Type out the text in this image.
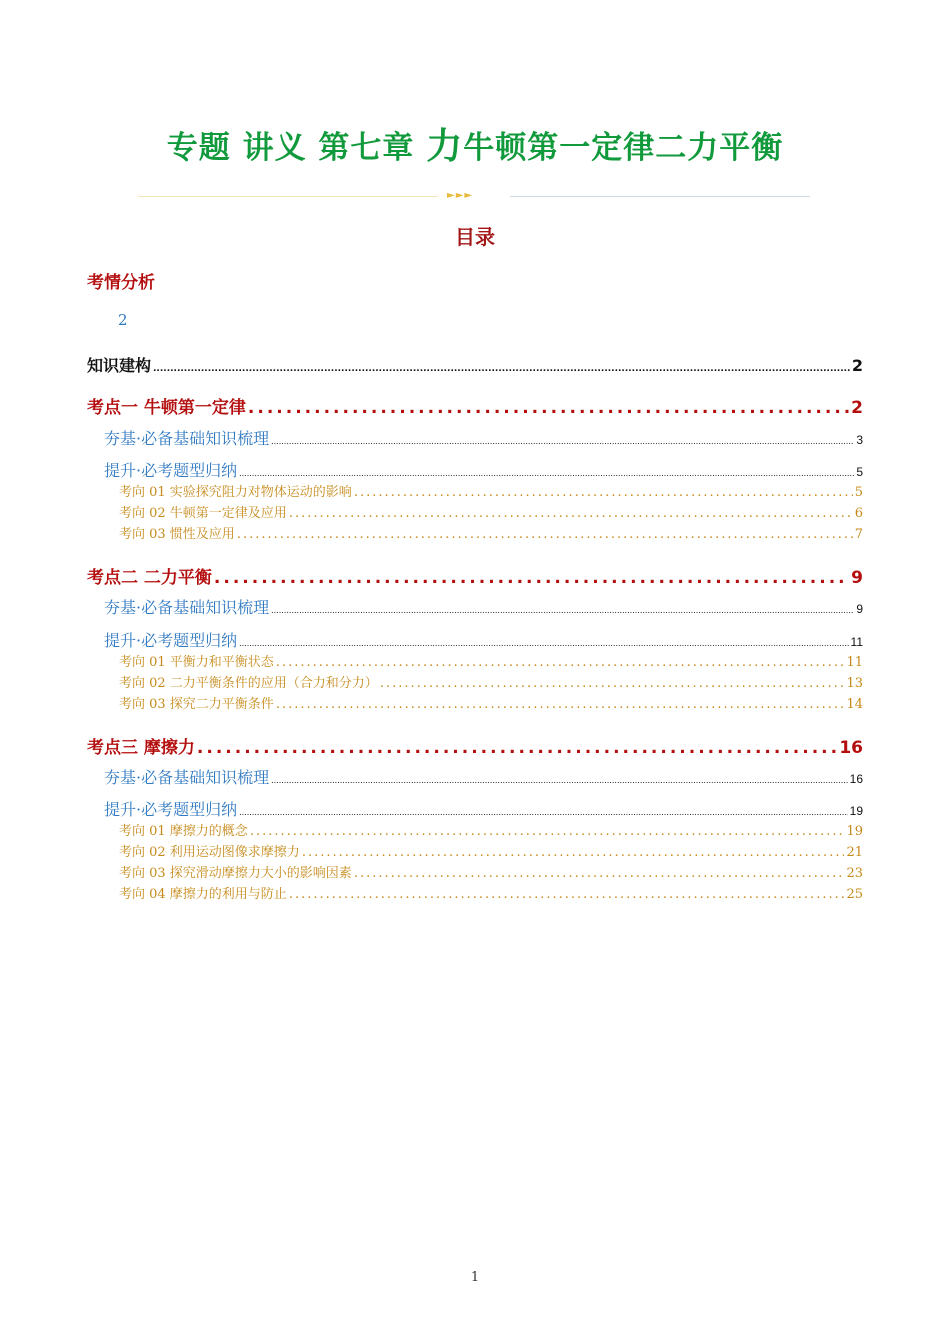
专题 讲义 第七章 力牛顿第一定律二力平衡
►►►
目录
考情分析
2
知识建构 .....	2
考点一 牛顿第一定律 .....	2
夯基·必备基础知识梳理 .....	3
提升·必考题型归纳 .....	5
考向 01 实验探究阻力对物体运动的影响 .....	5
考向 02 牛顿第一定律及应用 .....	6
考向 03 惯性及应用 .....	7
考点二 二力平衡 .....	9
夯基·必备基础知识梳理 .....	9
提升·必考题型归纳 .....	11
考向 01 平衡力和平衡状态 .....	11
考向 02 二力平衡条件的应用（合力和分力） .....	13
考向 03 探究二力平衡条件 .....	14
考点三 摩擦力 .....	16
夯基·必备基础知识梳理 .....	16
提升·必考题型归纳 .....	19
考向 01 摩擦力的概念 .....	19
考向 02 利用运动图像求摩擦力 .....	21
考向 03 探究滑动摩擦力大小的影响因素 .....	23
考向 04 摩擦力的利用与防止 .....	25
1
